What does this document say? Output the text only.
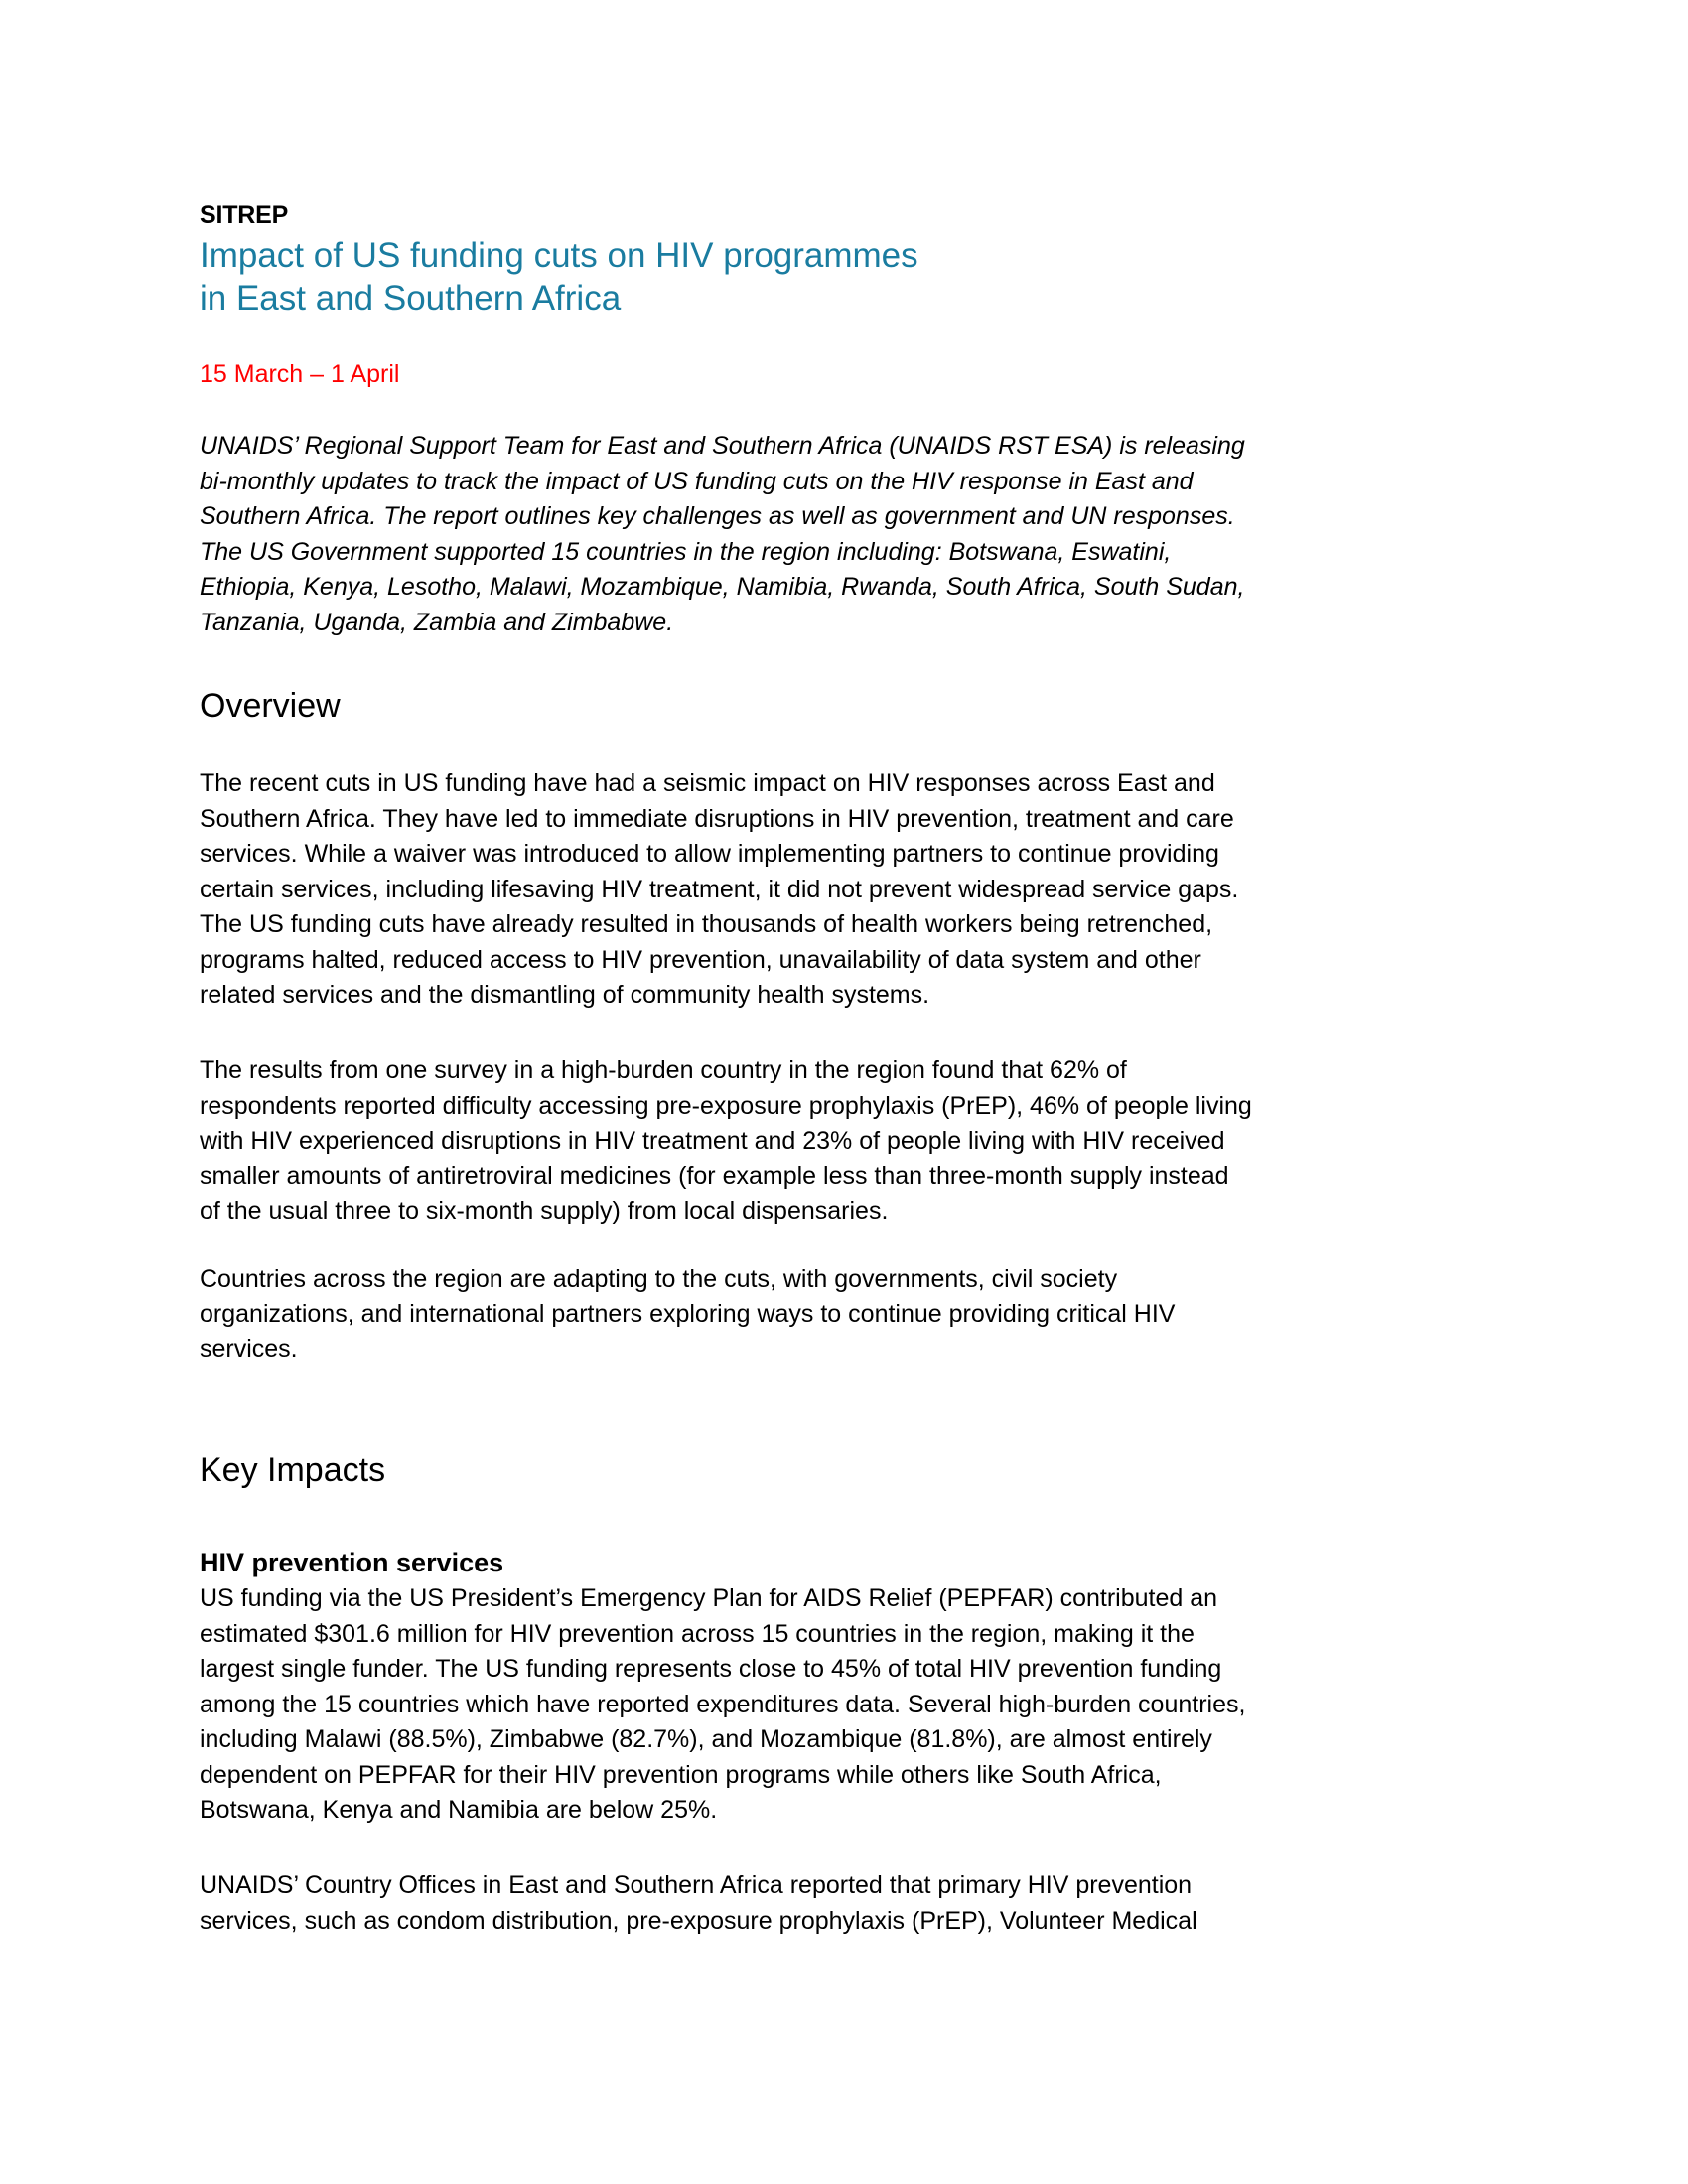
SITREP
Impact of US funding cuts on HIV programmes
in East and Southern Africa
15 March – 1 April

UNAIDS’ Regional Support Team for East and Southern Africa (UNAIDS RST ESA) is releasing
bi-monthly updates to track the impact of US funding cuts on the HIV response in East and
Southern Africa. The report outlines key challenges as well as government and UN responses.
The US Government supported 15 countries in the region including: Botswana, Eswatini,
Ethiopia, Kenya, Lesotho, Malawi, Mozambique, Namibia, Rwanda, South Africa, South Sudan,
Tanzania, Uganda, Zambia and Zimbabwe.

Overview

The recent cuts in US funding have had a seismic impact on HIV responses across East and
Southern Africa. They have led to immediate disruptions in HIV prevention, treatment and care
services. While a waiver was introduced to allow implementing partners to continue providing
certain services, including lifesaving HIV treatment, it did not prevent widespread service gaps.
The US funding cuts have already resulted in thousands of health workers being retrenched,
programs halted, reduced access to HIV prevention, unavailability of data system and other
related services and the dismantling of community health systems.

The results from one survey in a high-burden country in the region found that 62% of
respondents reported difficulty accessing pre-exposure prophylaxis (PrEP), 46% of people living
with HIV experienced disruptions in HIV treatment and 23% of people living with HIV received
smaller amounts of antiretroviral medicines (for example less than three-month supply instead
of the usual three to six-month supply) from local dispensaries.

Countries across the region are adapting to the cuts, with governments, civil society
organizations, and international partners exploring ways to continue providing critical HIV
services.

Key Impacts
HIV prevention services

US funding via the US President’s Emergency Plan for AIDS Relief (PEPFAR) contributed an
estimated $301.6 million for HIV prevention across 15 countries in the region, making it the
largest single funder. The US funding represents close to 45% of total HIV prevention funding
among the 15 countries which have reported expenditures data. Several high-burden countries,
including Malawi (88.5%), Zimbabwe (82.7%), and Mozambique (81.8%), are almost entirely
dependent on PEPFAR for their HIV prevention programs while others like South Africa,
Botswana, Kenya and Namibia are below 25%.

UNAIDS’ Country Offices in East and Southern Africa reported that primary HIV prevention
services, such as condom distribution, pre-exposure prophylaxis (PrEP), Volunteer Medical
